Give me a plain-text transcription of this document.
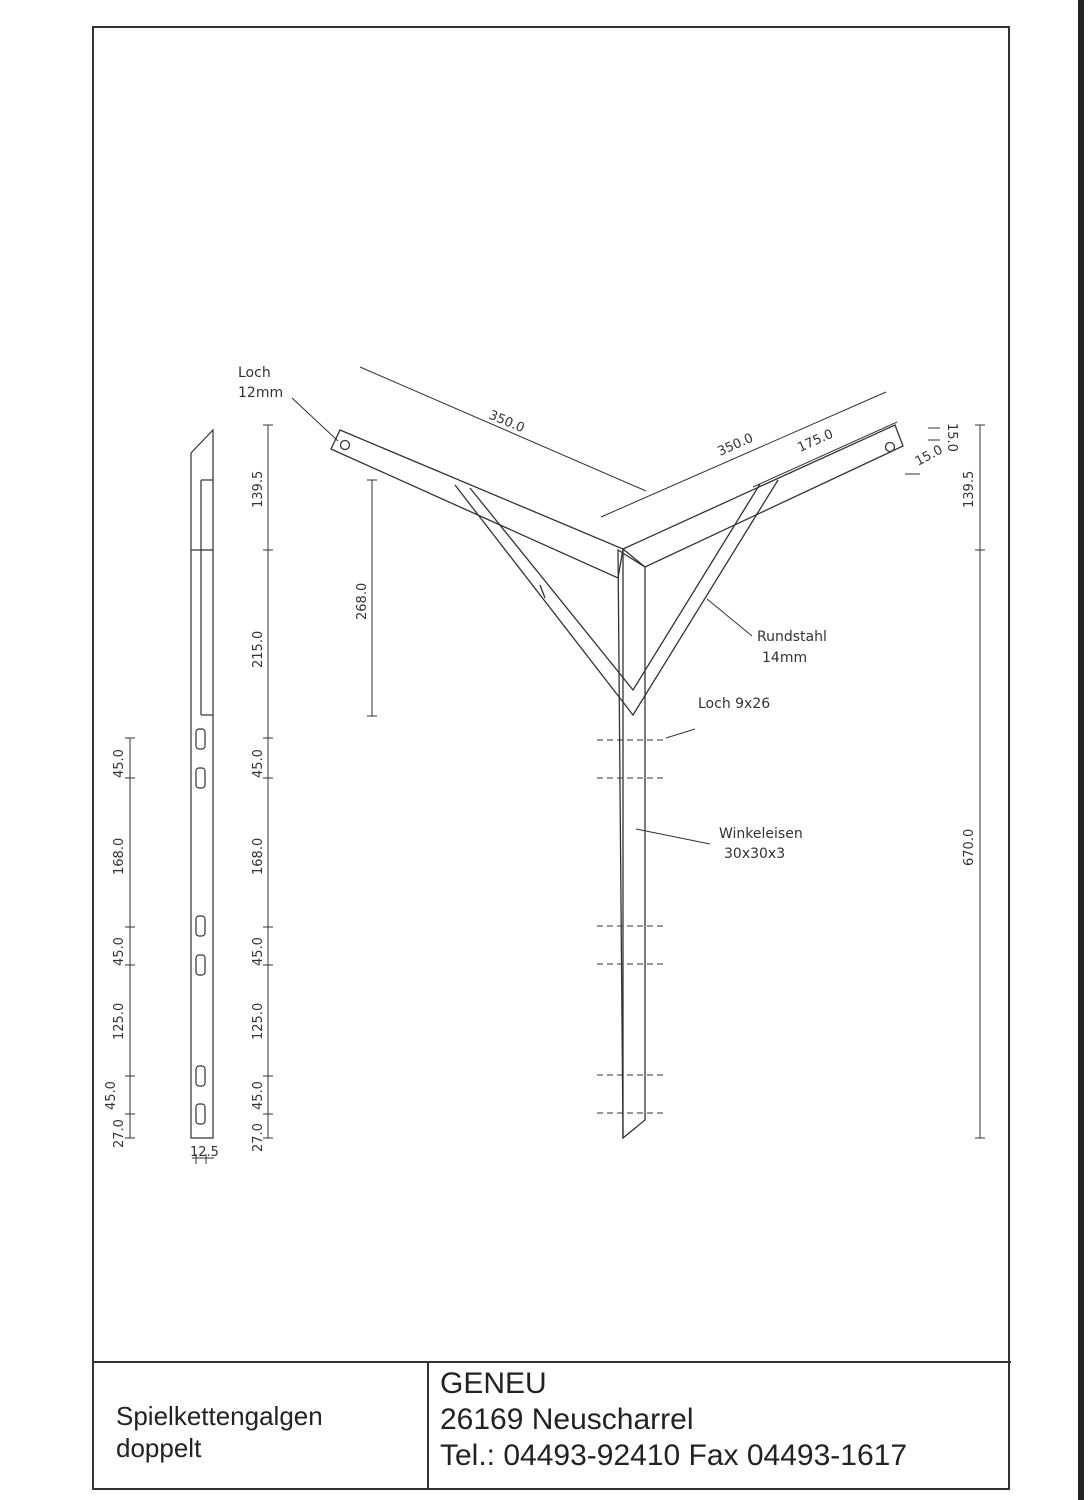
45.0
168.0
45.0
125.0
45.0
27.0
12.5
139.5
215.0
45.0
168.0
45.0
125.0
45.0
27.0
350.0
350.0	175.0
268.0
139.5
670.0
15.0
15.0
Loch
12mm
Rundstahl
14mm
Loch 9x26
Winkeleisen
30x30x3
Spielkettengalgen
doppelt
GENEU
26169 Neuscharrel
Tel.: 04493-92410 Fax 04493-1617
